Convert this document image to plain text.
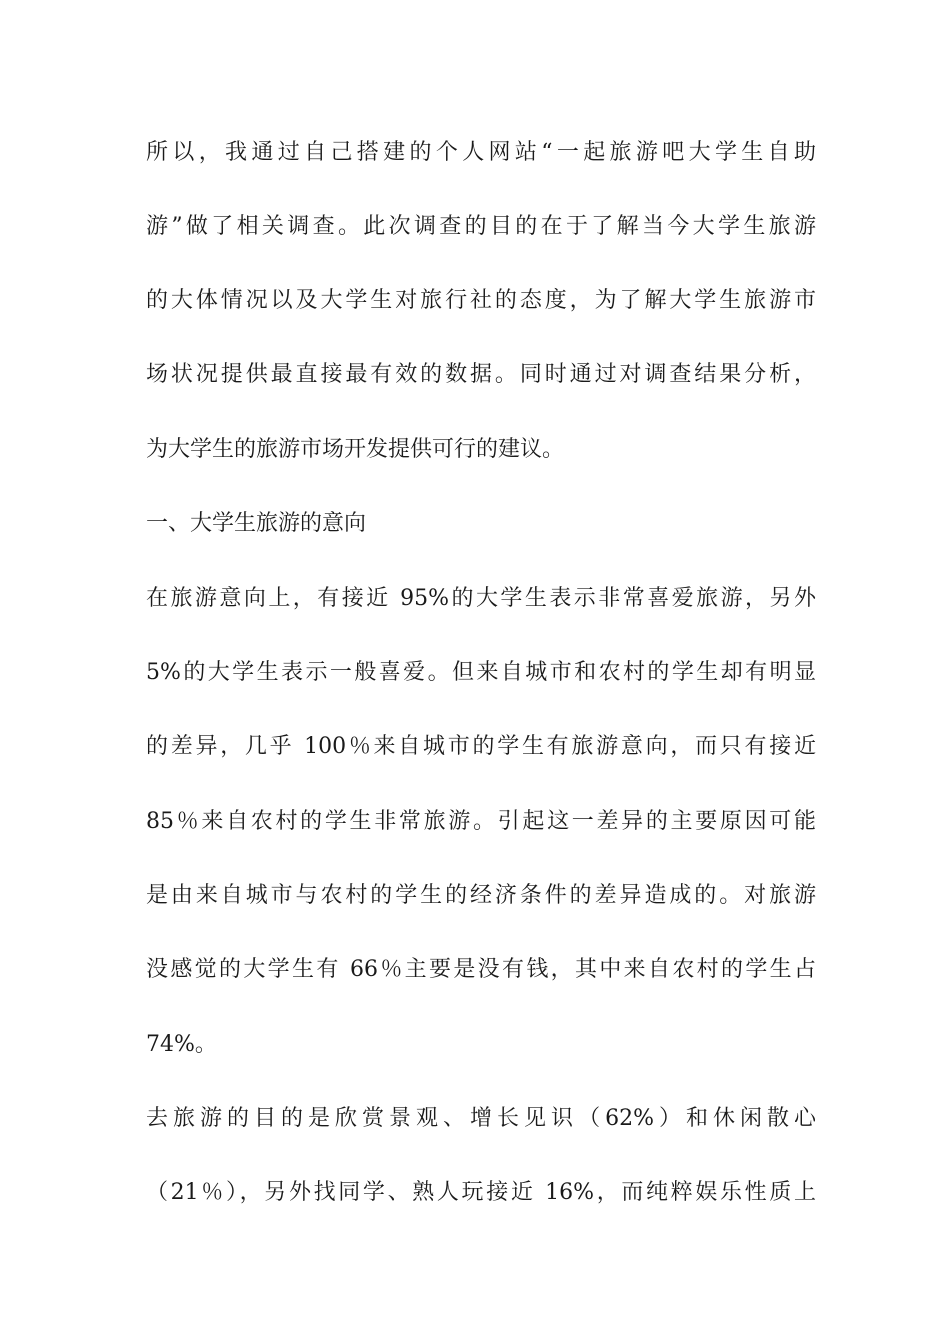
所以，我通过自己搭建的个人网站“一起旅游吧大学生自助
游”做了相关调查。此次调查的目的在于了解当今大学生旅游
的大体情况以及大学生对旅行社的态度，为了解大学生旅游市
场状况提供最直接最有效的数据。同时通过对调查结果分析，
为大学生的旅游市场开发提供可行的建议。
一、大学生旅游的意向
在旅游意向上，有接近 95%的大学生表示非常喜爱旅游，另外
5%的大学生表示一般喜爱。但来自城市和农村的学生却有明显
的差异，几乎 100％来自城市的学生有旅游意向，而只有接近
85％来自农村的学生非常旅游。引起这一差异的主要原因可能
是由来自城市与农村的学生的经济条件的差异造成的。对旅游
没感觉的大学生有 66％主要是没有钱，其中来自农村的学生占
74%。
去旅游的目的是欣赏景观、增长见识（62%）和休闲散心
（21％），另外找同学、熟人玩接近 16%，而纯粹娱乐性质上
